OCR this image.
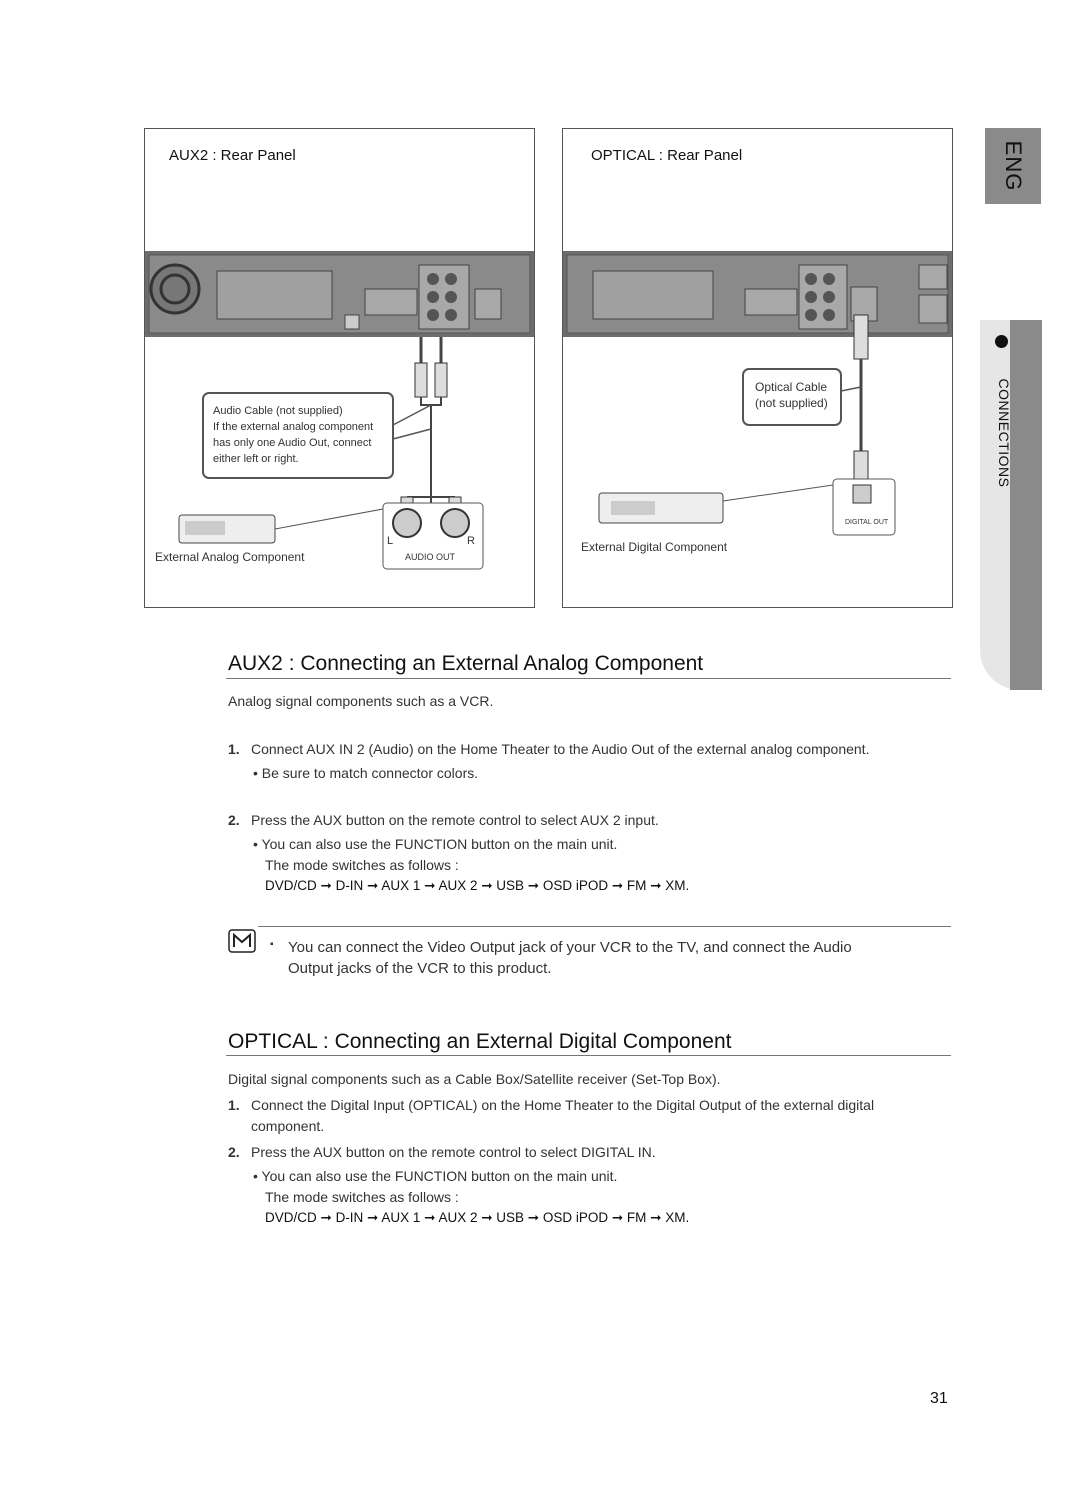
ENG
CONNECTIONS
AUX2 : Rear Panel
Audio Cable (not supplied)
If the external analog component
has only one Audio Out, connect
either left or right.
L	R
AUDIO OUT
External Analog Component
OPTICAL : Rear Panel
Optical Cable
(not supplied)
DIGITAL OUT
External Digital Component
AUX2 : Connecting an External Analog Component
Analog signal components such as a VCR.
1. Connect AUX IN 2 (Audio) on the Home Theater to the Audio Out of the external analog component.
• Be sure to match connector colors.
2. Press the AUX button on the remote control to select AUX 2 input.
• You can also use the FUNCTION button on the main unit.
The mode switches as follows :
DVD/CD ➞ D-IN ➞ AUX 1 ➞ AUX 2 ➞ USB ➞ OSD iPOD ➞ FM ➞ XM.
▪ You can connect the Video Output jack of your VCR to the TV, and connect the Audio
Output jacks of the VCR to this product.
OPTICAL : Connecting an External Digital Component
Digital signal components such as a Cable Box/Satellite receiver (Set-Top Box).
1. Connect the Digital Input (OPTICAL) on the Home Theater to the Digital Output of the external digital
component.
2. Press the AUX button on the remote control to select DIGITAL IN.
• You can also use the FUNCTION button on the main unit.
The mode switches as follows :
DVD/CD ➞ D-IN ➞ AUX 1 ➞ AUX 2 ➞ USB ➞ OSD iPOD ➞ FM ➞ XM.
31
